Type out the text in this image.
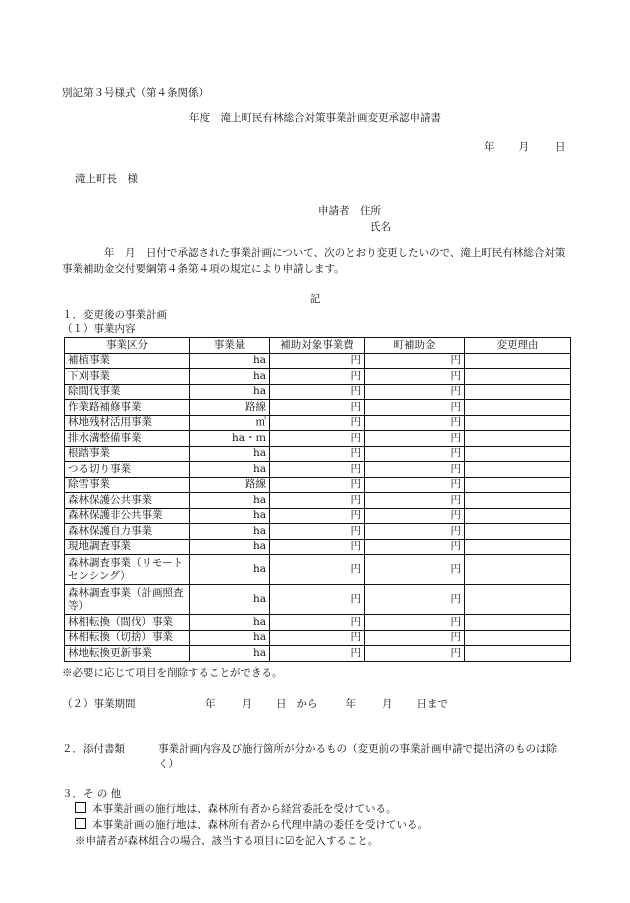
別記第３号様式（第４条関係）
年度　滝上町民有林総合対策事業計画変更承認申請書
年 月 日
滝上町長　様
申請者　住所
氏名
年　月　日付で承認された事業計画について、次のとおり変更したいので、滝上町民有林総合対策事業補助金交付要綱第４条第４項の規定により申請します。
記
１．変更後の事業計画
（１）事業内容
事業区分	事業量	補助対象事業費	町補助金	変更理由
補植事業	ha	円	円	
下刈事業	ha	円	円	
除間伐事業	ha	円	円	
作業路補修事業	路線	円	円	
林地残材活用事業	㎥	円	円	
排水溝整備事業	ha・ｍ	円	円	
根踏事業	ha	円	円	
つる切り事業	ha	円	円	
除雪事業	路線	円	円	
森林保護公共事業	ha	円	円	
森林保護非公共事業	ha	円	円	
森林保護自力事業	ha	円	円	
現地調査事業	ha	円	円	
森林調査事業（リモートセンシング）	ha	円	円	
森林調査事業（計画照査等）	ha	円	円	
林相転換（間伐）事業	ha	円	円	
林相転換（切捨）事業	ha	円	円	
林地転換更新事業	ha	円	円	
※必要に応じて項目を削除することができる。
（２）事業期間	年 月 日 から	年 月 日まで
２．添付書類	事業計画内容及び施行箇所が分かるもの（変更前の事業計画申請で提出済のものは除く）
３．そ の 他
本事業計画の施行地は、森林所有者から経営委託を受けている。
本事業計画の施行地は、森林所有者から代理申請の委任を受けている。
※申請者が森林組合の場合、該当する項目に☑を記入すること。
